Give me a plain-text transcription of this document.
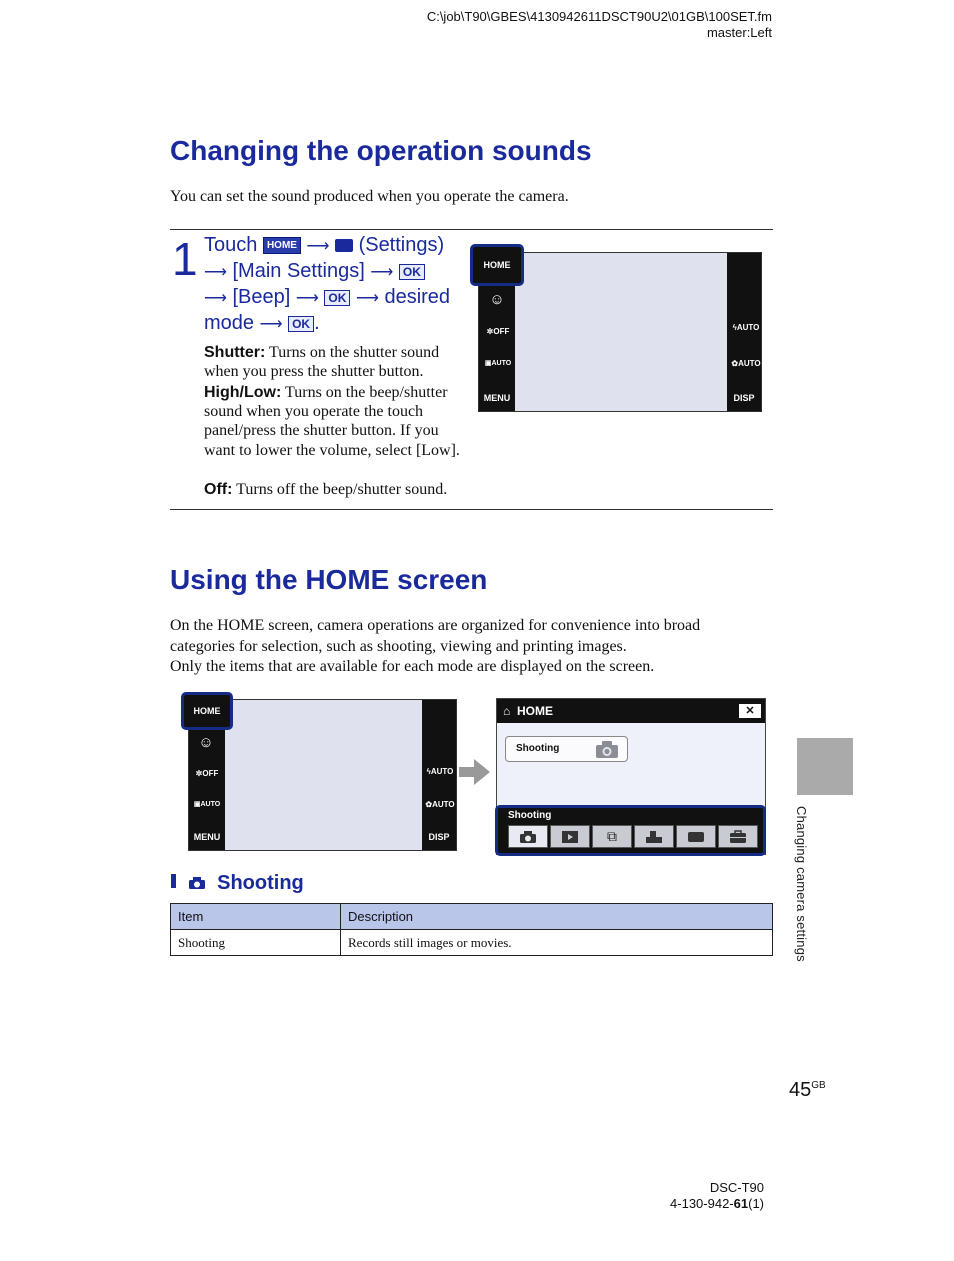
C:\job\T90\GBES\4130942611DSCT90U2\01GB\100SET.fm
master:Left
Changing the operation sounds

You can set the sound produced when you operate the camera.

1 Touch HOME ⟶ (Settings)
⟶ [Main Settings] ⟶ OK
⟶ [Beep] ⟶ OK ⟶ desired
mode ⟶ OK .
Shutter: Turns on the shutter sound when you press the shutter button.
High/Low: Turns on the beep/shutter sound when you operate the touch panel/press the shutter button. If you want to lower the volume, select [Low].
Off: Turns off the beep/shutter sound.
☺
✲OFF
▣AUTO
MENU
ϟAUTO
✿AUTO
DISP
HOME
Using the HOME screen

On the HOME screen, camera operations are organized for convenience into broad categories for selection, such as shooting, viewing and printing images.

Only the items that are available for each mode are displayed on the screen.

☺
✲OFF
▣AUTO
MENU
ϟAUTO
✿AUTO
DISP
HOME	⌂ HOME	✕
Shooting
Shooting
⧉
Shooting
Item	Description
Shooting	Records still images or movies.	Changing camera settings
$45^{GB}$
DSC-T90
4-130-942-61(1)
